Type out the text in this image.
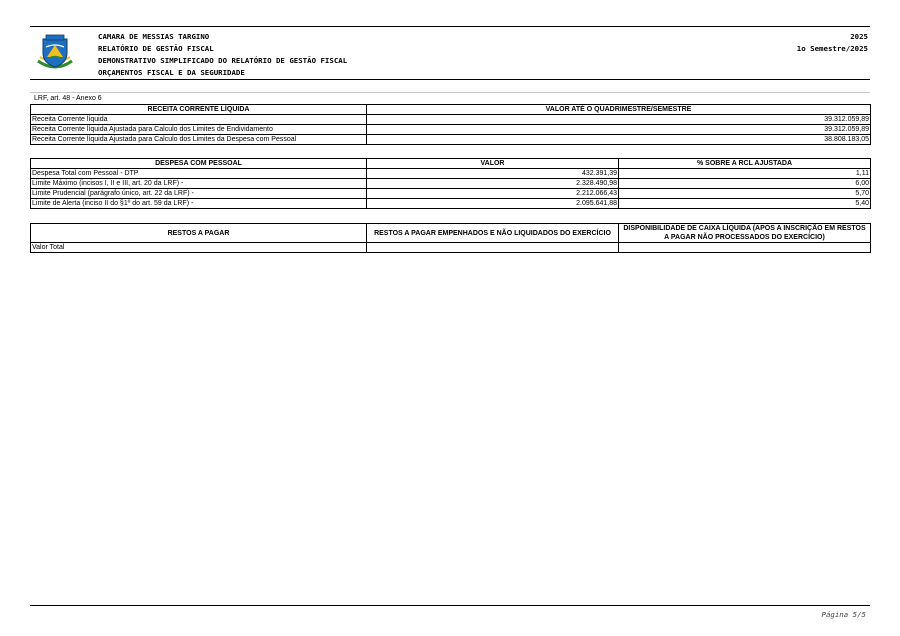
CAMARA DE MESSIAS TARGINO
RELATÓRIO DE GESTÃO FISCAL
DEMONSTRATIVO SIMPLIFICADO DO RELATÓRIO DE GESTÃO FISCAL
ORÇAMENTOS FISCAL E DA SEGURIDADE
2025
1o Semestre/2025
LRF, art. 48 - Anexo 6
RECEITA CORRENTE LÍQUIDA	VALOR ATÉ O QUADRIMESTRE/SEMESTRE
Receita Corrente líquida	39.312.059,89
Receita Corrente líquida Ajustada para Calculo dos Limites de Endividamento	39.312.059,89
Receita Corrente líquida Ajustada para Calculo dos Limites da Despesa com Pessoal	38.808.183,05
DESPESA COM PESSOAL	VALOR	% SOBRE A RCL AJUSTADA
Despesa Total com Pessoal - DTP	432.391,39	1,11
Limite Máximo (incisos I, II e III, art. 20 da LRF) -	2.328.490,98	6,00
Limite Prudencial (parágrafo único, art. 22 da LRF) -	2.212.066,43	5,70
Limite de Alerta (inciso II do §1º do art. 59 da LRF) -	2.095.641,88	5,40
RESTOS A PAGAR	RESTOS A PAGAR EMPENHADOS E NÃO LIQUIDADOS DO EXERCÍCIO	DISPONIBILIDADE DE CAIXA LÍQUIDA (APÓS A INSCRIÇÃO EM RESTOS A PAGAR NÃO PROCESSADOS DO EXERCÍCIO)
Valor Total		
Página 5/5
